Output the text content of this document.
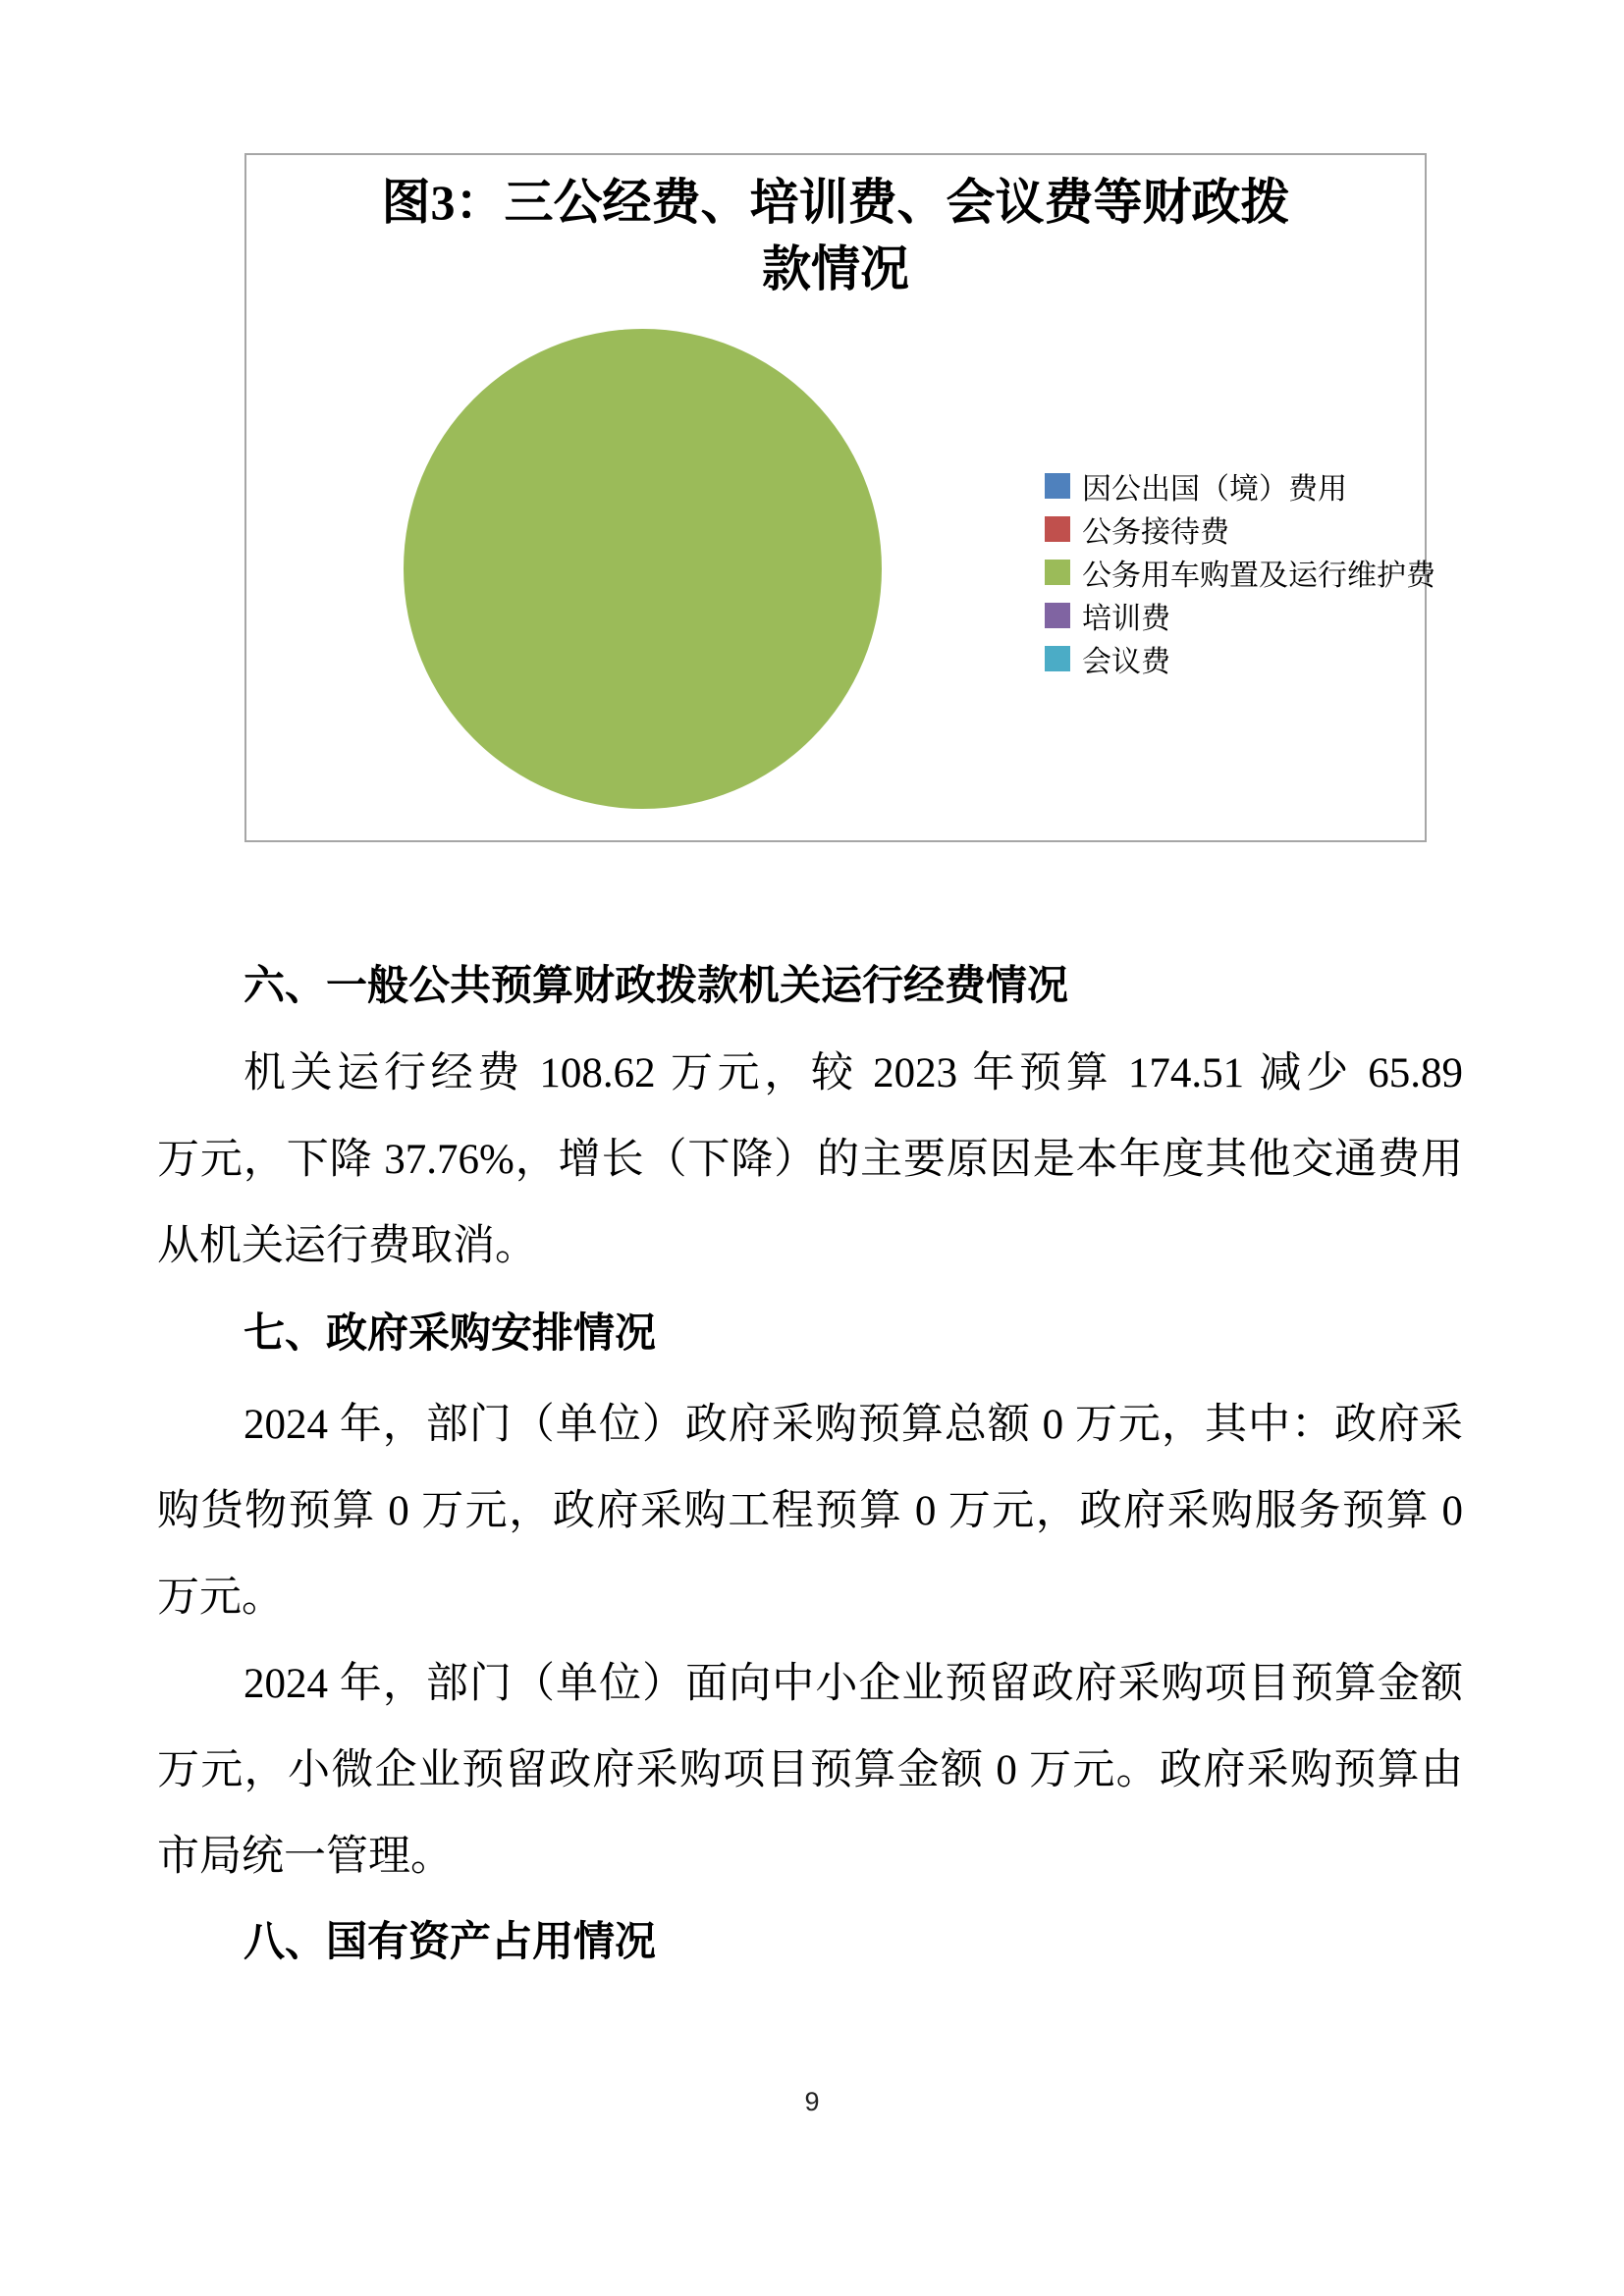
图3：三公经费、培训费、会议费等财政拨
款情况
因公出国（境）费用
公务接待费
公务用车购置及运行维护费
培训费
会议费
六、一般公共预算财政拨款机关运行经费情况
机关运行经费 108.62 万元，较 2023 年预算 174.51 减少 65.89
万元，下降 37.76%，增长（下降）的主要原因是本年度其他交通费用
从机关运行费取消。
七、政府采购安排情况
2024 年，部门（单位）政府采购预算总额 0 万元，其中：政府采
购货物预算 0 万元，政府采购工程预算 0 万元，政府采购服务预算 0
万元。
2024 年，部门（单位）面向中小企业预留政府采购项目预算金额
万元，小微企业预留政府采购项目预算金额 0 万元。政府采购预算由
市局统一管理。
八、国有资产占用情况
9
